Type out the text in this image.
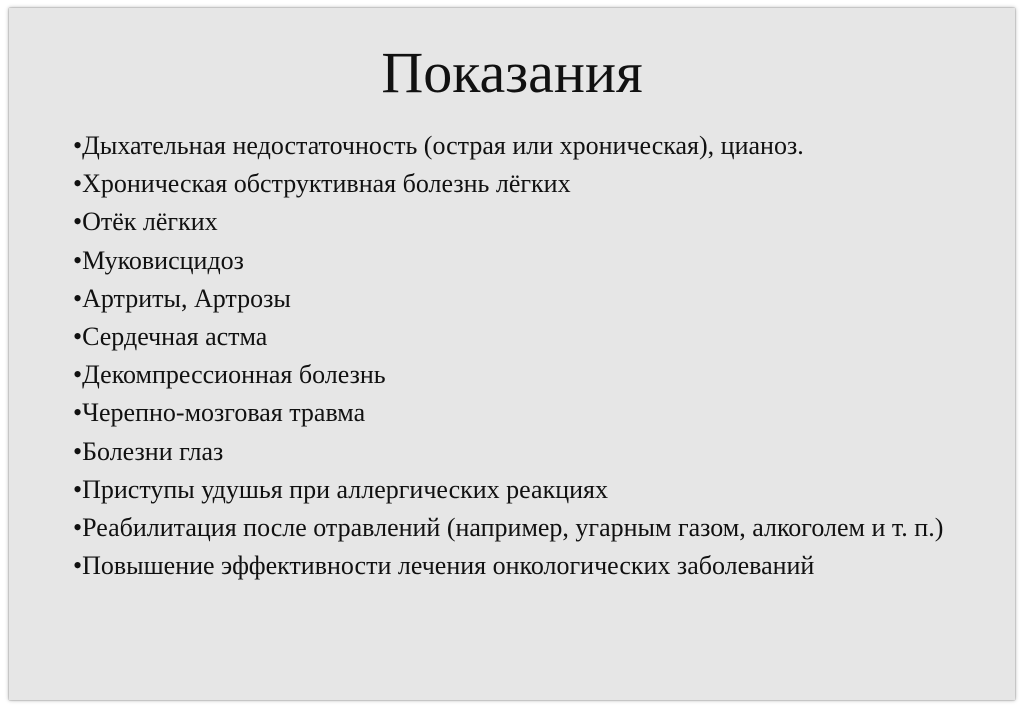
Показания
•Дыхательная недостаточность (острая или хроническая), цианоз.
•Хроническая обструктивная болезнь лёгких
•Отёк лёгких
•Муковисцидоз
•Артриты, Артрозы
•Сердечная астма
•Декомпрессионная болезнь
•Черепно-мозговая травма
•Болезни глаз
•Приступы удушья при аллергических реакциях
•Реабилитация после отравлений (например, угарным газом, алкоголем и т. п.)
•Повышение эффективности лечения онкологических заболеваний
